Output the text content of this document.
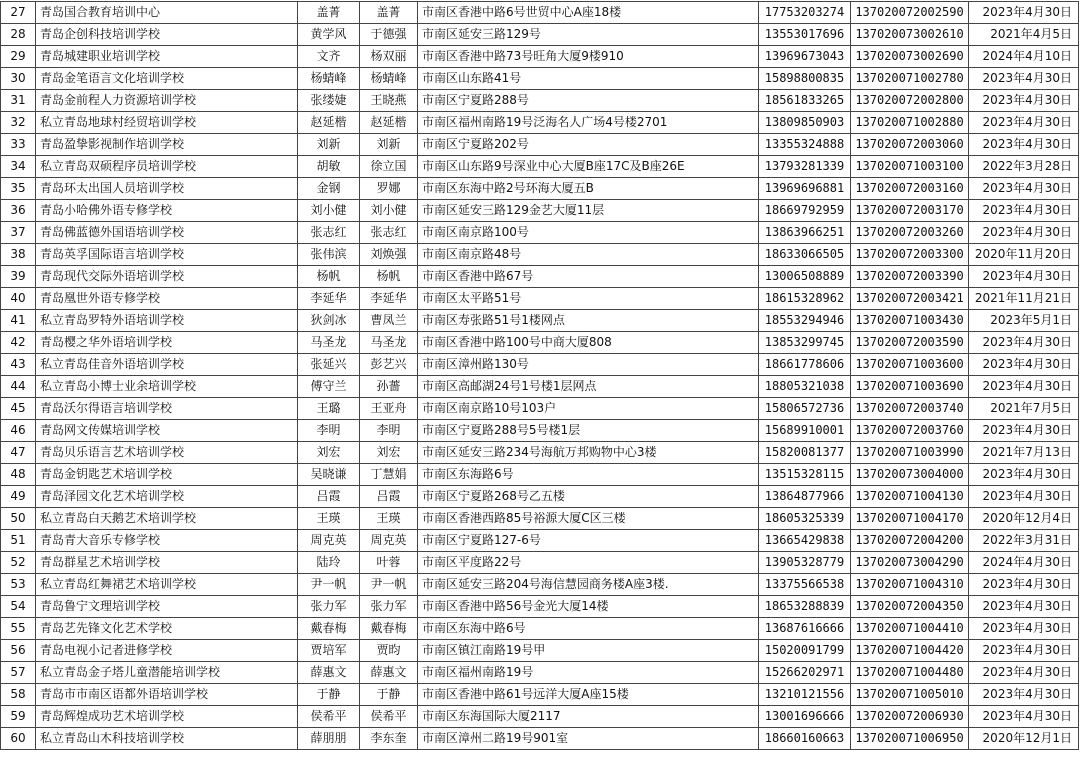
27	青岛国合教育培训中心	盖菁	盖菁	市南区香港中路6号世贸中心A座18楼	17753203274	137020072002590	2023年4月30日
28	青岛企创科技培训学校	黄学风	于德强	市南区延安三路129号	13553017696	137020073002610	2021年4月5日
29	青岛城建职业培训学校	文齐	杨双丽	市南区香港中路73号旺角大厦9楼910	13969673043	137020073002690	2024年4月10日
30	青岛金笔语言文化培训学校	杨蜻峰	杨蜻峰	市南区山东路41号	15898800835	137020071002780	2023年4月30日
31	青岛金前程人力资源培训学校	张缕婕	王晓燕	市南区宁夏路288号	18561833265	137020072002800	2023年4月30日
32	私立青岛地球村经贸培训学校	赵延楷	赵延楷	市南区福州南路19号泛海名人广场4号楼2701	13809850903	137020071002880	2023年4月30日
33	青岛盈挚影视制作培训学校	刘新	刘新	市南区宁夏路202号	13355324888	137020072003060	2023年4月30日
34	私立青岛双硕程序员培训学校	胡敏	徐立国	市南区山东路9号深业中心大厦B座17C及B座26E	13793281339	137020071003100	2022年3月28日
35	青岛环太出国人员培训学校	金钢	罗娜	市南区东海中路2号环海大厦五B	13969696881	137020072003160	2023年4月30日
36	青岛小哈佛外语专修学校	刘小健	刘小健	市南区延安三路129金艺大厦11层	18669792959	137020072003170	2023年4月30日
37	青岛佛蓝德外国语培训学校	张志红	张志红	市南区南京路100号	13863966251	137020072003260	2023年4月30日
38	青岛英孚国际语言培训学校	张伟滨	刘焕强	市南区南京路48号	18633066505	137020072003300	2020年11月20日
39	青岛现代交际外语培训学校	杨帆	杨帆	市南区香港中路67号	13006508889	137020072003390	2023年4月30日
40	青岛凰世外语专修学校	李延华	李延华	市南区太平路51号	18615328962	137020072003421	2021年11月21日
41	私立青岛罗特外语培训学校	狄剑冰	曹凤兰	市南区寿张路51号1楼网点	18553294946	137020071003430	2023年5月1日
42	青岛樱之华外语培训学校	马圣龙	马圣龙	市南区香港中路100号中商大厦808	13853299745	137020072003590	2023年4月30日
43	私立青岛佳音外语培训学校	张延兴	彭艺兴	市南区漳州路130号	18661778606	137020071003600	2023年4月30日
44	私立青岛小博士业余培训学校	傅守兰	孙薔	市南区高邮湖24号1号楼1层网点	18805321038	137020071003690	2023年4月30日
45	青岛沃尔得语言培训学校	王璐	王亚舟	市南区南京路10号103户	15806572736	137020072003740	2021年7月5日
46	青岛网文传媒培训学校	李明	李明	市南区宁夏路288号5号楼1层	15689910001	137020072003760	2023年4月30日
47	青岛贝乐语言艺术培训学校	刘宏	刘宏	市南区延安三路234号海航万邦购物中心3楼	15820081377	137020071003990	2021年7月13日
48	青岛金钥匙艺术培训学校	吴晓谦	丁慧娟	市南区东海路6号	13515328115	137020073004000	2023年4月30日
49	青岛泽园文化艺术培训学校	吕霞	吕霞	市南区宁夏路268号乙五楼	13864877966	137020071004130	2023年4月30日
50	私立青岛白天鹅艺术培训学校	王瑛	王瑛	市南区香港西路85号裕源大厦C区三楼	18605325339	137020071004170	2020年12月4日
51	青岛青大音乐专修学校	周克英	周克英	市南区宁夏路127-6号	13665429838	137020072004200	2022年3月31日
52	青岛群星艺术培训学校	陆玲	叶蓉	市南区平度路22号	13905328779	137020073004290	2024年4月30日
53	私立青岛红舞裙艺术培训学校	尹一帆	尹一帆	市南区延安三路204号海信慧园商务楼A座3楼.	13375566538	137020071004310	2023年4月30日
54	青岛鲁宁文理培训学校	张力军	张力军	市南区香港中路56号金光大厦14楼	18653288839	137020072004350	2023年4月30日
55	青岛艺先锋文化艺术学校	戴春梅	戴春梅	市南区东海中路6号	13687616666	137020071004410	2023年4月30日
56	青岛电视小记者进修学校	贾培军	贾昀	市南区镇江南路19号甲	15020091799	137020071004420	2023年4月30日
57	私立青岛金子塔儿童潜能培训学校	薛惠文	薛惠文	市南区福州南路19号	15266202971	137020071004480	2023年4月30日
58	青岛市市南区语都外语培训学校	于静	于静	市南区香港中路61号远洋大厦A座15楼	13210121556	137020071005010	2023年4月30日
59	青岛辉煌成功艺术培训学校	侯希平	侯希平	市南区东海国际大厦2117	13001696666	137020072006930	2023年4月30日
60	私立青岛山木科技培训学校	薛朋朋	李东奎	市南区漳州二路19号901室	18660160663	137020071006950	2020年12月1日
